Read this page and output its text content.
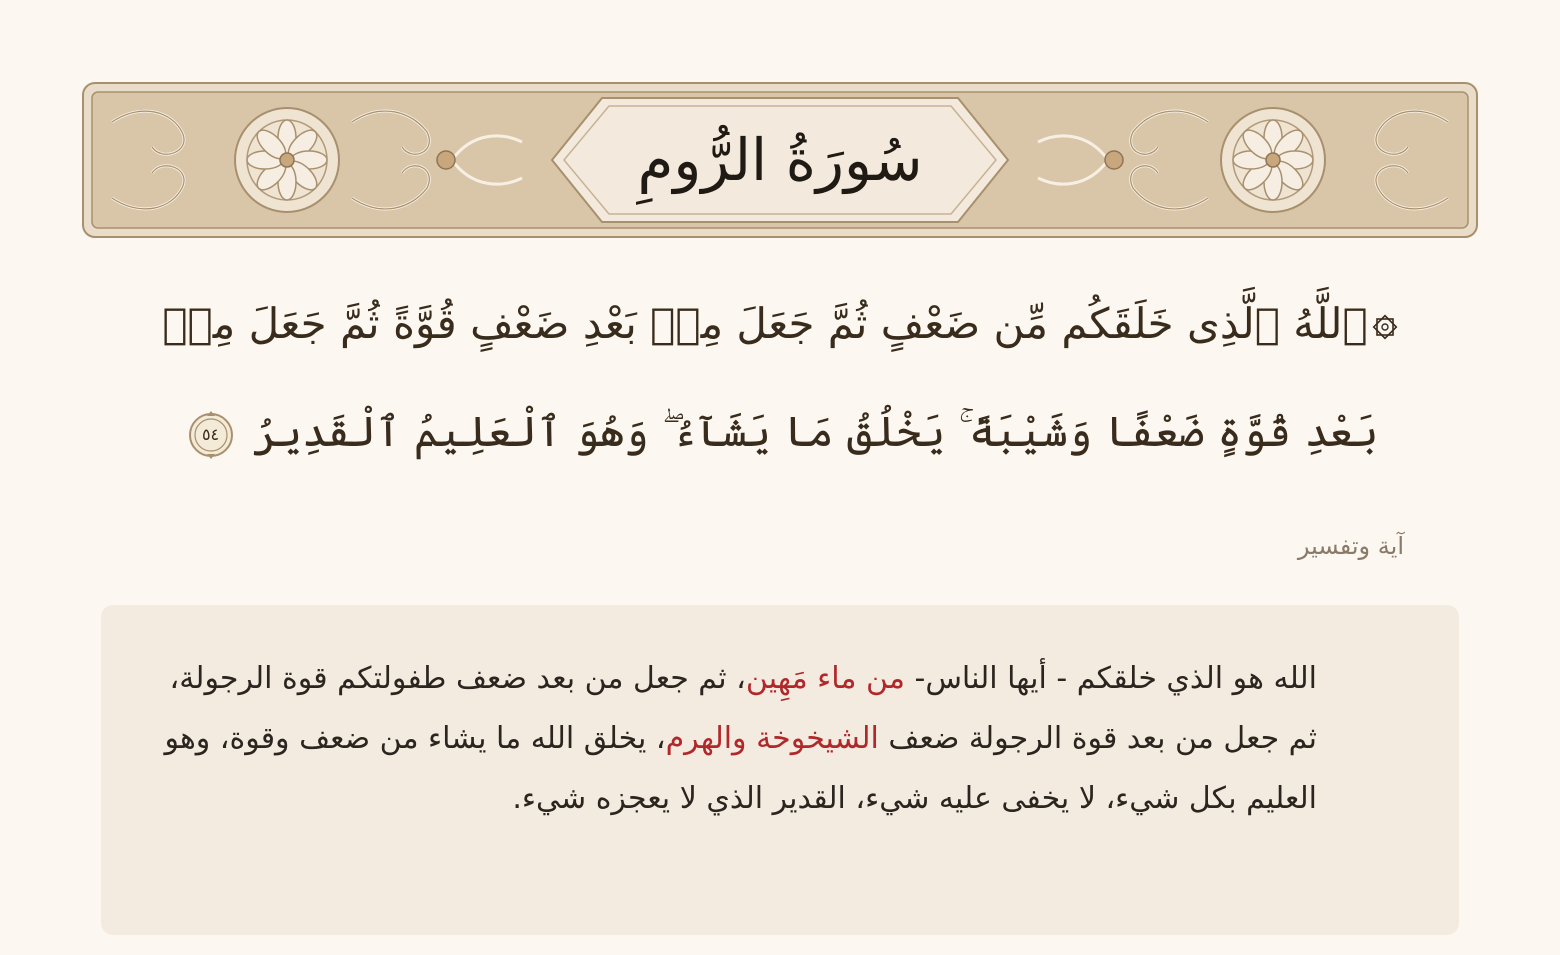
سُورَةُ الرُّومِ
ٱللَّهُ ٱلَّذِى خَلَقَكُم مِّن ضَعْفٍ ثُمَّ جَعَلَ مِنۢ بَعْدِ ضَعْفٍ قُوَّةً ثُمَّ جَعَلَ مِنۢ
بَعْدِ قُوَّةٍ ضَعْفًا وَشَيْبَةً ۚ يَخْلُقُ مَا يَشَآءُ ۖ وَهُوَ ٱلْعَلِيمُ ٱلْقَدِيرُ
٥٤
آية وتفسير
الله هو الذي خلقكم - أيها الناس- من ماء مَهِين، ثم جعل من بعد ضعف طفولتكم قوة الرجولة، ثم جعل من بعد قوة الرجولة ضعف الشيخوخة والهرم، يخلق الله ما يشاء من ضعف وقوة، وهو العليم بكل شيء، لا يخفى عليه شيء، القدير الذي لا يعجزه شيء.
